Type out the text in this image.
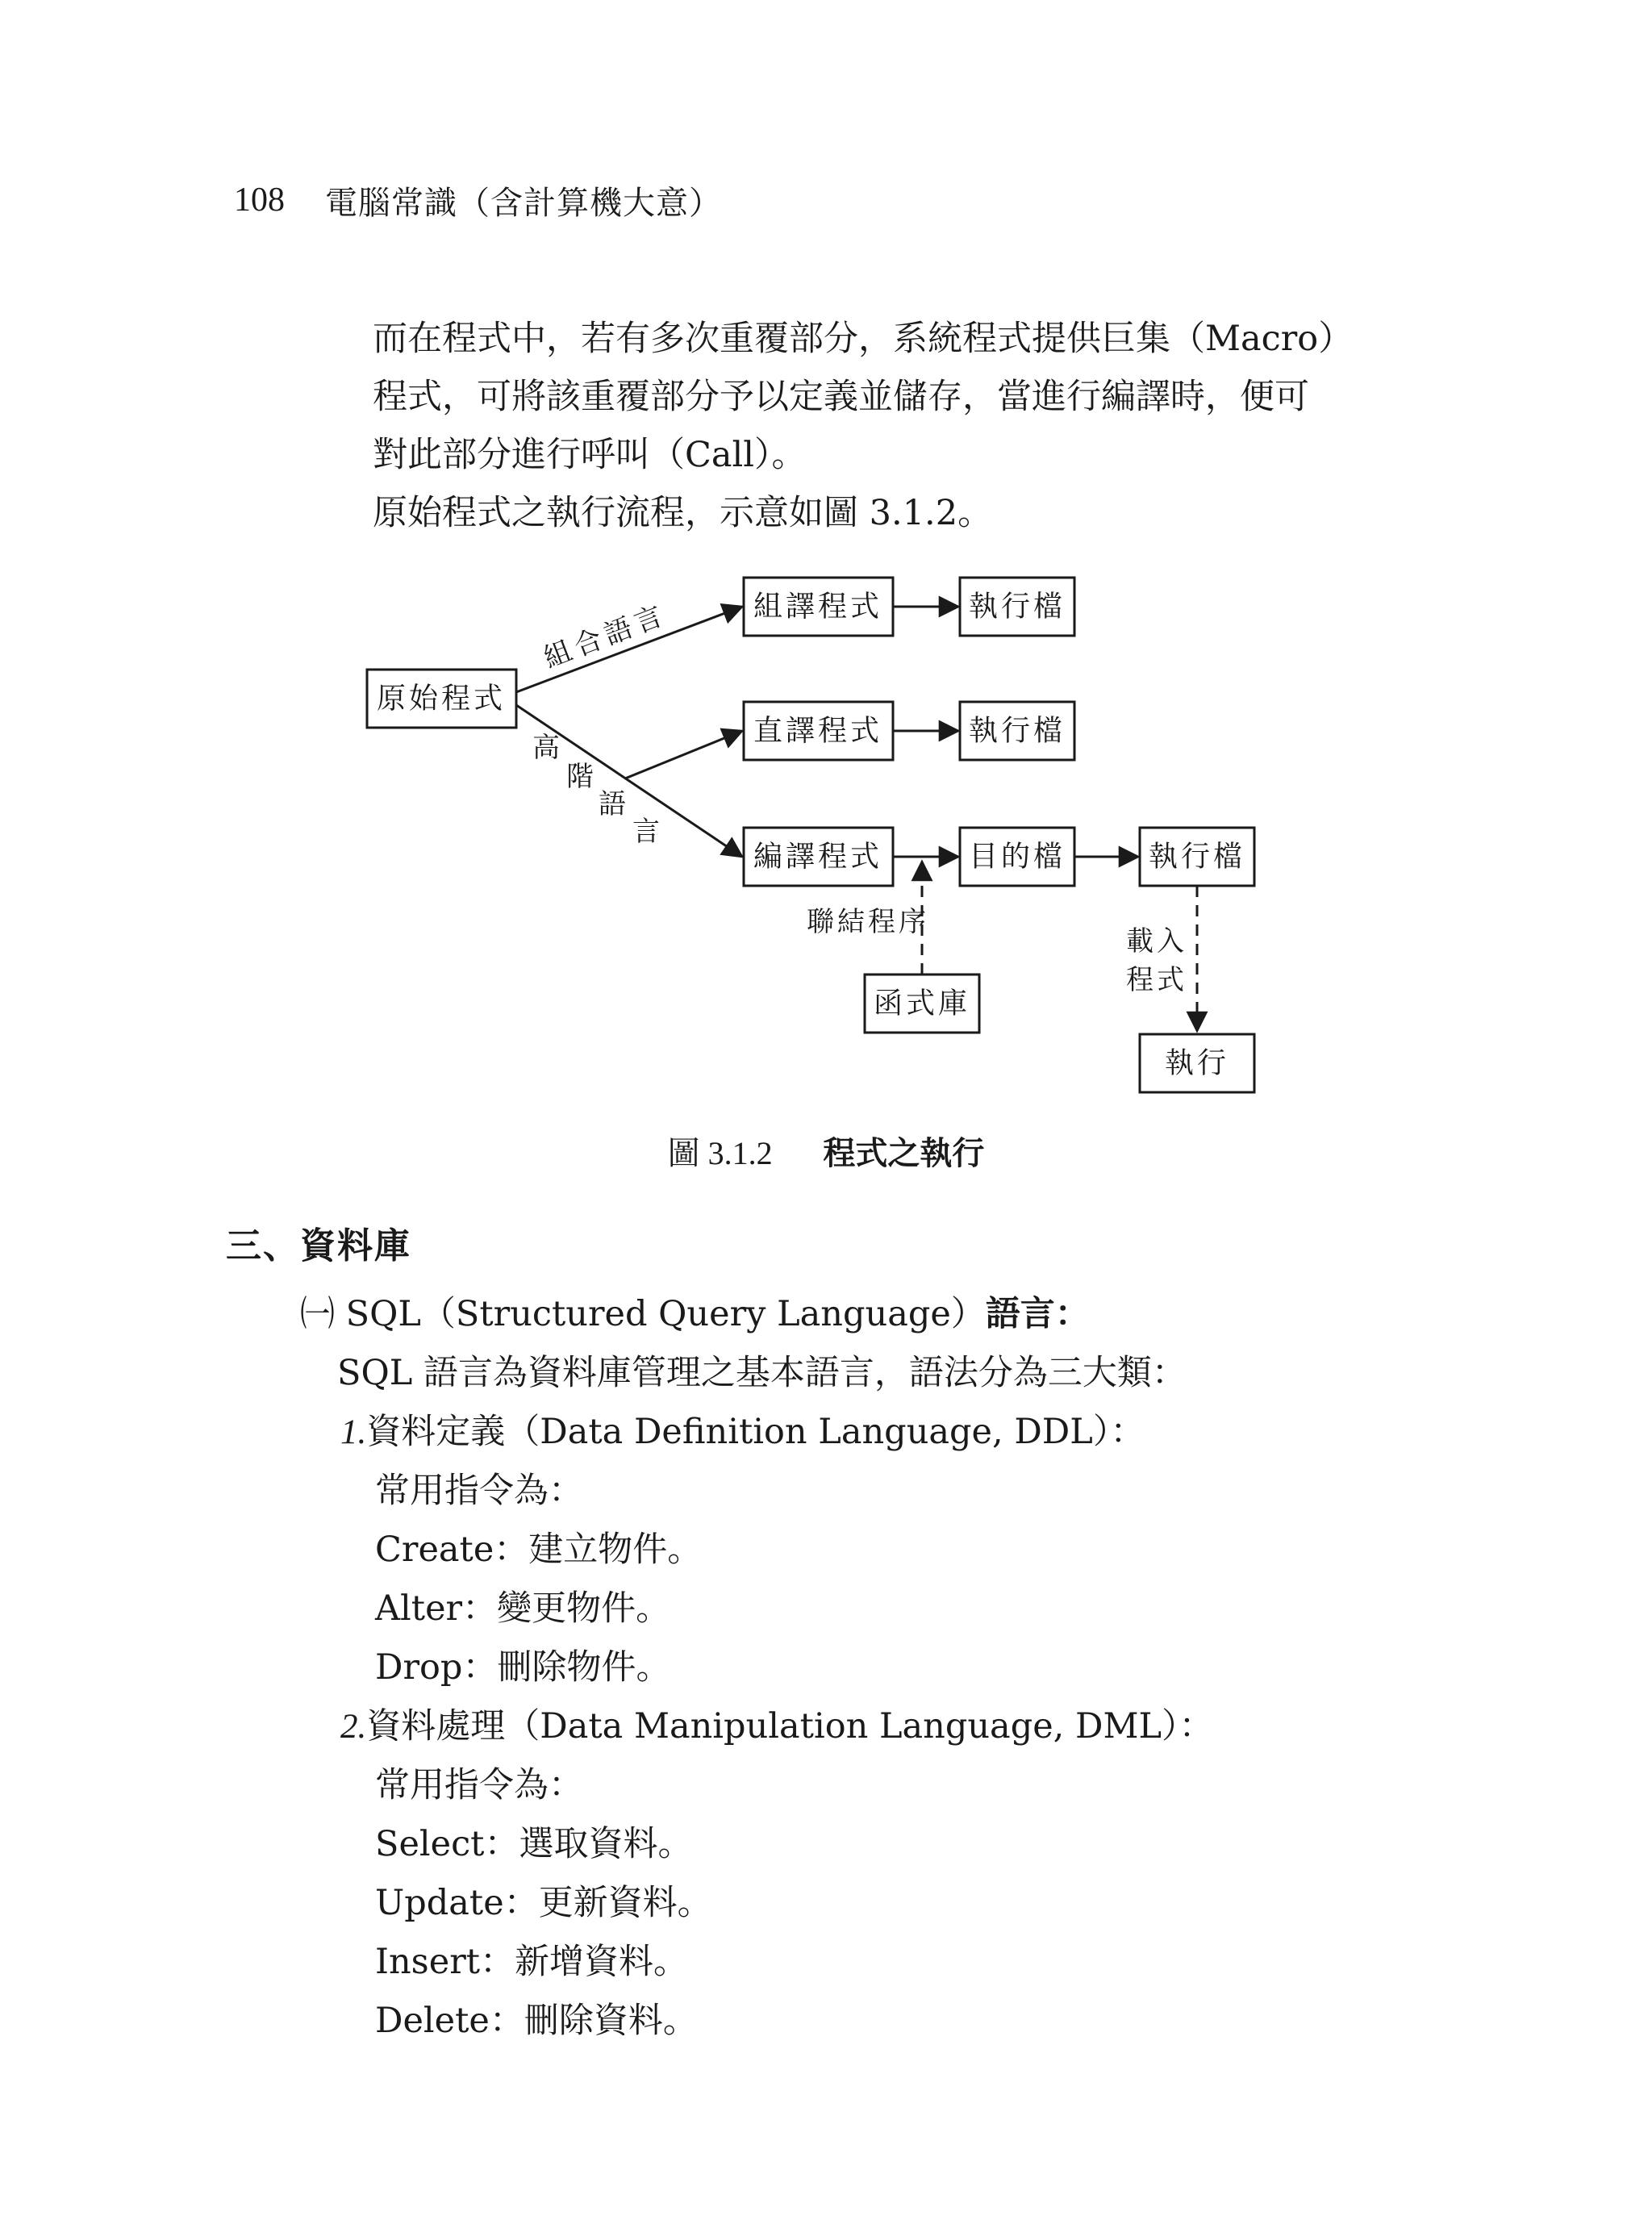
108 電腦常識（含計算機大意）
而在程式中，若有多次重覆部分，系統程式提供巨集（Macro）
程式，可將該重覆部分予以定義並儲存，當進行編譯時，便可
對此部分進行呼叫（Call）。
原始程式之執行流程，示意如圖 3.1.2。
原始程式
組譯程式	執行檔
直譯程式	執行檔
編譯程式	目的檔	執行檔
函式庫
執行
組合語言
高
階
語
言
聯結程序
載入
程式
圖 3.1.2 程式之執行
三、資料庫
㈠ SQL（Structured Query Language）語言：
SQL 語言為資料庫管理之基本語言，語法分為三大類：
1.資料定義（Data Definition Language, DDL）：
常用指令為：
Create：建立物件。
Alter：變更物件。
Drop：刪除物件。
2.資料處理（Data Manipulation Language, DML）：
常用指令為：
Select：選取資料。
Update：更新資料。
Insert：新增資料。
Delete：刪除資料。
